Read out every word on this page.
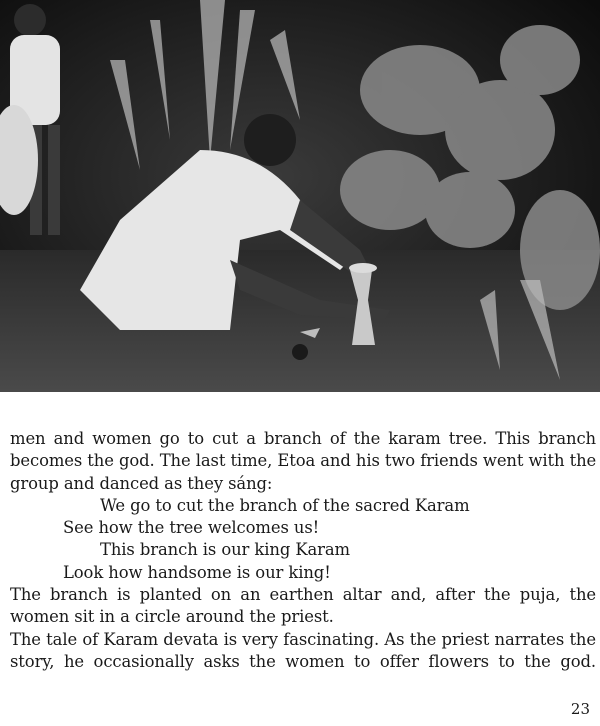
men and women go to cut a branch of the karam tree. This branch
becomes the god. The last time, Etoa and his two friends went with the
group and danced as they sáng:
We go to cut the branch of the sacred Karam
See how the tree welcomes us!
This branch is our king Karam
Look how handsome is our king!
The branch is planted on an earthen altar and, after the puja, the
women sit in a circle around the priest.
The tale of Karam devata is very fascinating. As the priest narrates the
story, he occasionally asks the women to offer flowers to the god.
23
